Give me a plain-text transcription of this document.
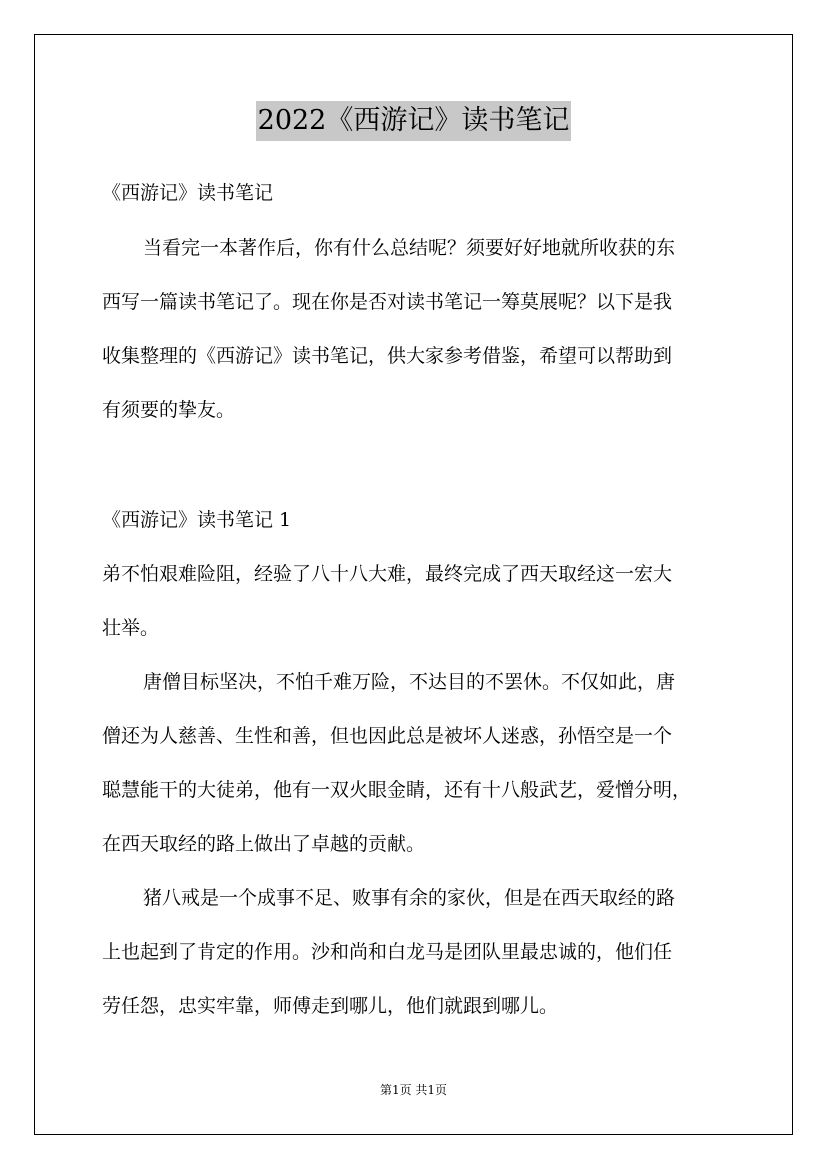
2022《西游记》读书笔记
《西游记》读书笔记
当看完一本著作后，你有什么总结呢？须要好好地就所收获的东
西写一篇读书笔记了。现在你是否对读书笔记一筹莫展呢？以下是我
收集整理的《西游记》读书笔记，供大家参考借鉴，希望可以帮助到
有须要的挚友。
《西游记》读书笔记 1
弟不怕艰难险阻，经验了八十八大难，最终完成了西天取经这一宏大
壮举。
唐僧目标坚决，不怕千难万险，不达目的不罢休。不仅如此，唐
僧还为人慈善、生性和善，但也因此总是被坏人迷惑，孙悟空是一个
聪慧能干的大徒弟，他有一双火眼金睛，还有十八般武艺，爱憎分明，
在西天取经的路上做出了卓越的贡献。
猪八戒是一个成事不足、败事有余的家伙，但是在西天取经的路
上也起到了肯定的作用。沙和尚和白龙马是团队里最忠诚的，他们任
劳任怨，忠实牢靠，师傅走到哪儿，他们就跟到哪儿。
第1页 共1页
